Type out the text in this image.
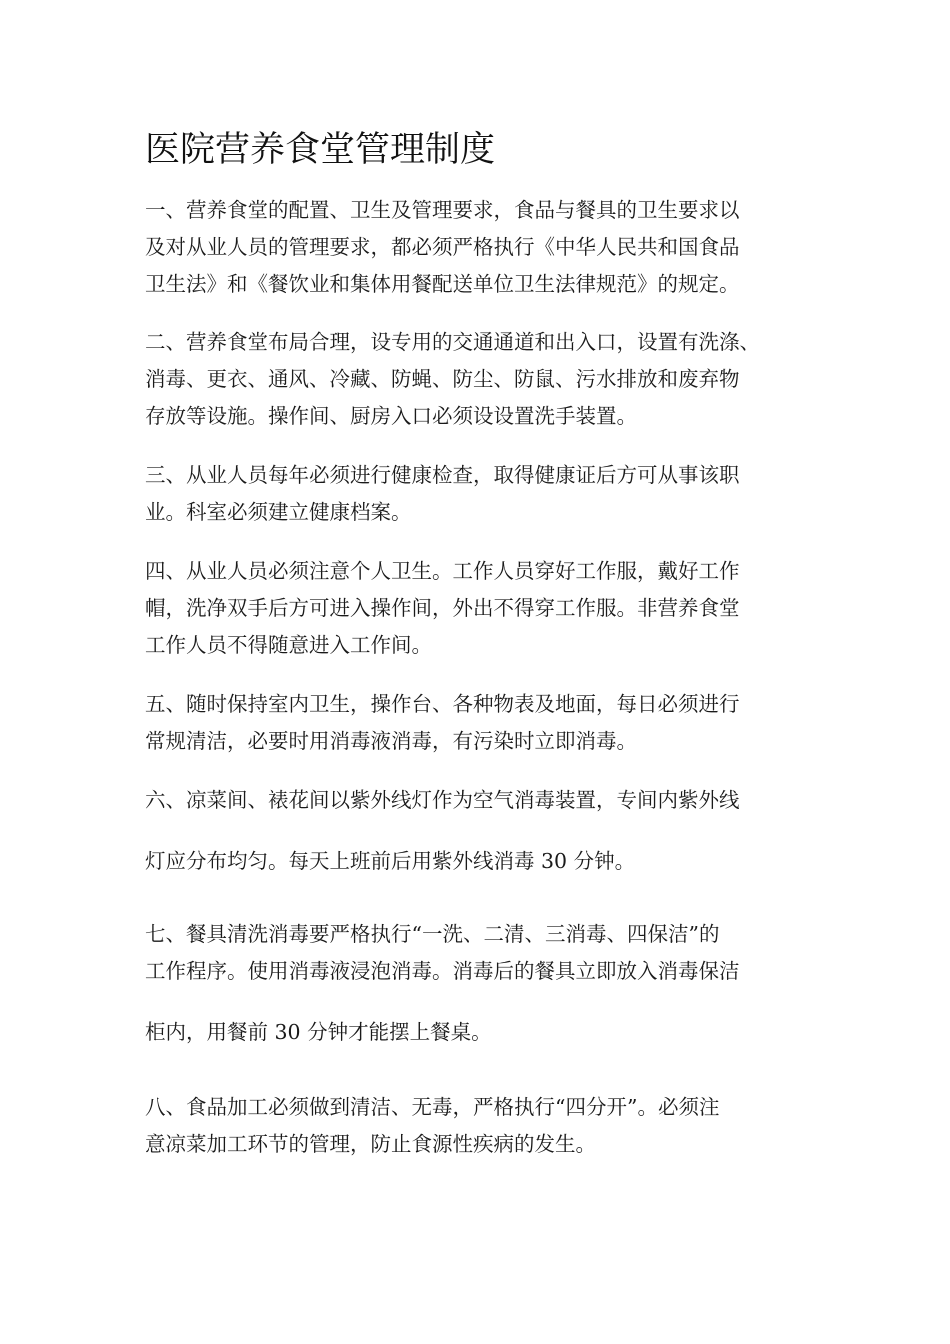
医院营养食堂管理制度

一、营养食堂的配置、卫生及管理要求，食品与餐具的卫生要求以
及对从业人员的管理要求，都必须严格执行《中华人民共和国食品
卫生法》和《餐饮业和集体用餐配送单位卫生法律规范》的规定。

二、营养食堂布局合理，设专用的交通通道和出入口，设置有洗涤、
消毒、更衣、通风、冷藏、防蝇、防尘、防鼠、污水排放和废弃物
存放等设施。操作间、厨房入口必须设设置洗手装置。

三、从业人员每年必须进行健康检查，取得健康证后方可从事该职
业。科室必须建立健康档案。

四、从业人员必须注意个人卫生。工作人员穿好工作服，戴好工作
帽，洗净双手后方可进入操作间，外出不得穿工作服。非营养食堂
工作人员不得随意进入工作间。

五、随时保持室内卫生，操作台、各种物表及地面，每日必须进行
常规清洁，必要时用消毒液消毒，有污染时立即消毒。

六、凉菜间、裱花间以紫外线灯作为空气消毒装置，专间内紫外线

灯应分布均匀。每天上班前后用紫外线消毒 30 分钟。

七、餐具清洗消毒要严格执行“一洗、二清、三消毒、四保洁”的
工作程序。使用消毒液浸泡消毒。消毒后的餐具立即放入消毒保洁

柜内，用餐前 30 分钟才能摆上餐桌。

八、食品加工必须做到清洁、无毒，严格执行“四分开”。必须注
意凉菜加工环节的管理，防止食源性疾病的发生。
